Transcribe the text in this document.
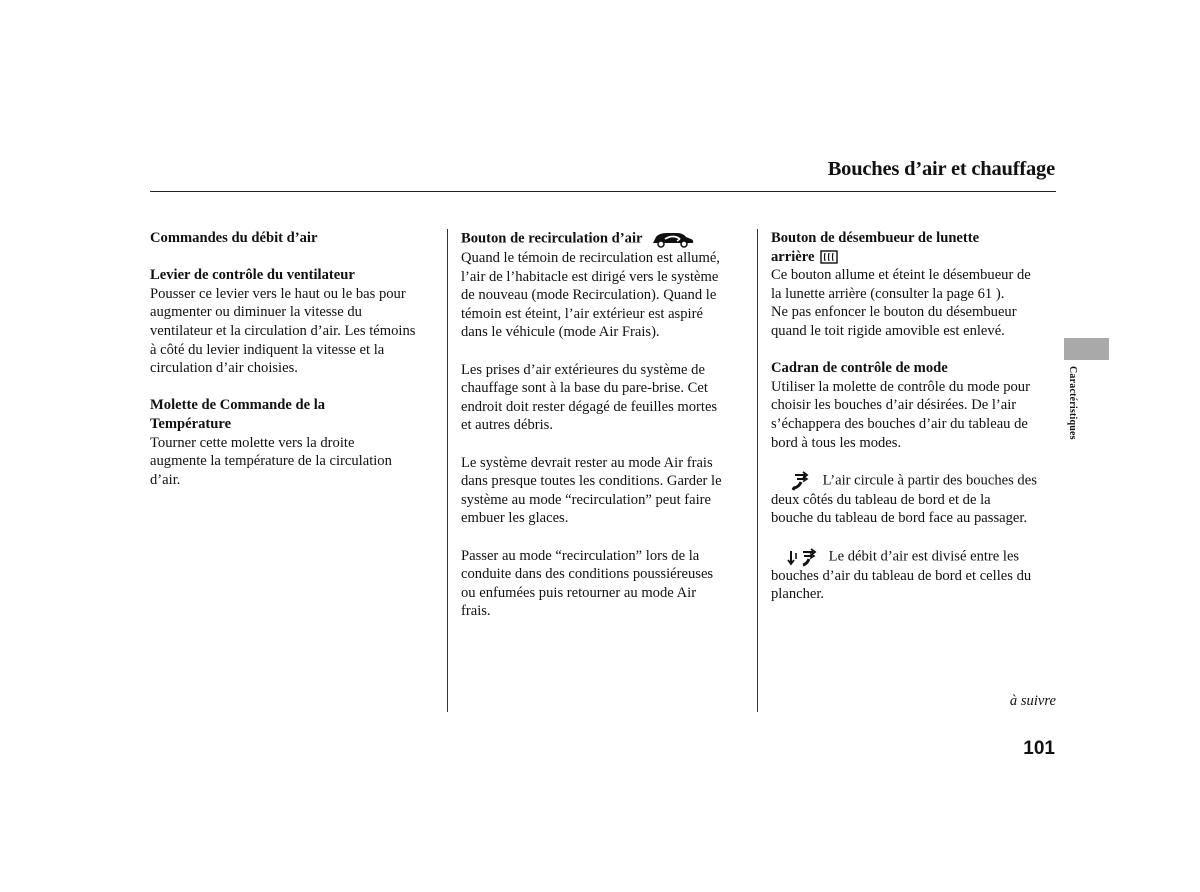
Bouches d’air et chauffage
Commandes du débit d’air
Levier de contrôle du ventilateur
Pousser ce levier vers le haut ou le bas pour
augmenter ou diminuer la vitesse du
ventilateur et la circulation d’air. Les témoins
à côté du levier indiquent la vitesse et la
circulation d’air choisies.
Molette de Commande de la
Température
Tourner cette molette vers la droite
augmente la température de la circulation
d’air.
Bouton de recirculation d’air
Quand le témoin de recirculation est allumé,
l’air de l’habitacle est dirigé vers le système
de nouveau (mode Recirculation). Quand le
témoin est éteint, l’air extérieur est aspiré
dans le véhicule (mode Air Frais).
Les prises d’air extérieures du système de
chauffage sont à la base du pare-brise. Cet
endroit doit rester dégagé de feuilles mortes
et autres débris.
Le système devrait rester au mode Air frais
dans presque toutes les conditions. Garder le
système au mode “recirculation” peut faire
embuer les glaces.
Passer au mode “recirculation” lors de la
conduite dans des conditions poussiéreuses
ou enfumées puis retourner au mode Air
frais.
Bouton de désembueur de lunette
arrière
Ce bouton allume et éteint le désembueur de
la lunette arrière (consulter la page 61 ).
Ne pas enfoncer le bouton du désembueur
quand le toit rigide amovible est enlevé.
Cadran de contrôle de mode
Utiliser la molette de contrôle du mode pour
choisir les bouches d’air désirées. De l’air
s’échappera des bouches d’air du tableau de
bord à tous les modes.
L’air circule à partir des bouches des
deux côtés du tableau de bord et de la
bouche du tableau de bord face au passager.
Le débit d’air est divisé entre les
bouches d’air du tableau de bord et celles du
plancher.
Caractéristiques
à suivre
101
